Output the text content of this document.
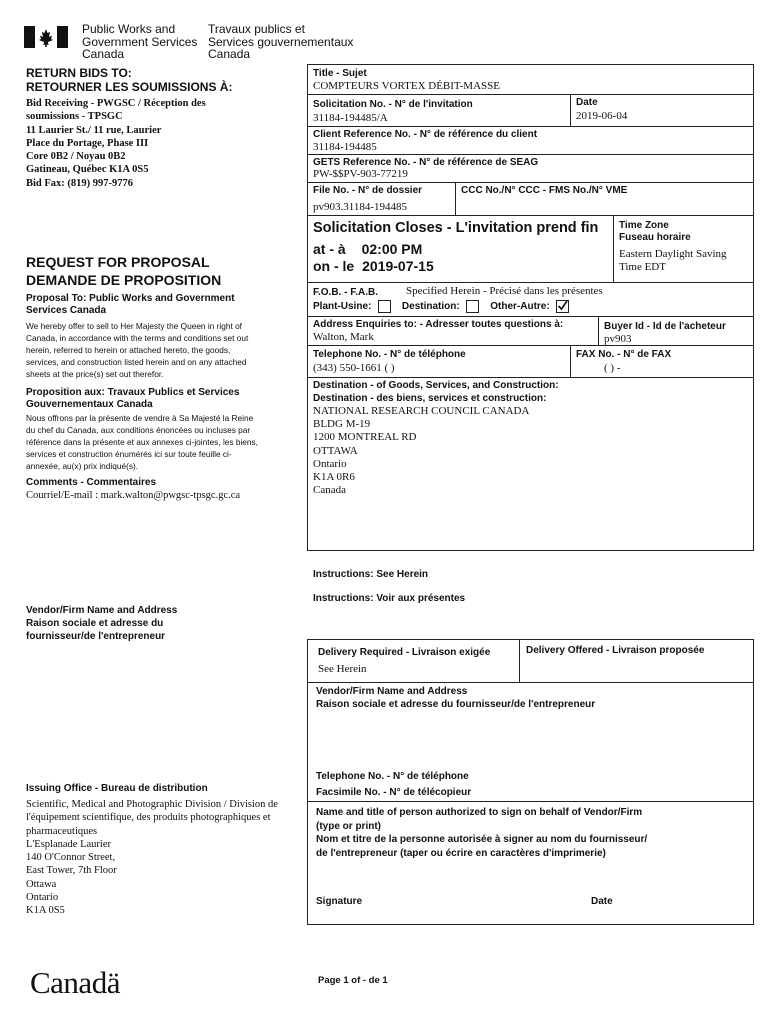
Public Works and
Government Services
Canada
Travaux publics et
Services gouvernementaux
Canada
RETURN BIDS TO:
RETOURNER LES SOUMISSIONS À:
Bid Receiving - PWGSC / Réception des
soumissions - TPSGC
11 Laurier St./ 11 rue, Laurier
Place du Portage, Phase III
Core 0B2 / Noyau 0B2
Gatineau, Québec K1A 0S5
Bid Fax: (819) 997-9776
REQUEST FOR PROPOSAL
DEMANDE DE PROPOSITION
Proposal To: Public Works and Government Services Canada
We hereby offer to sell to Her Majesty the Queen in right of Canada, in accordance with the terms and conditions set out herein, referred to herein or attached hereto, the goods, services, and construction listed herein and on any attached sheets at the price(s) set out therefor.
Proposition aux: Travaux Publics et Services Gouvernementaux Canada
Nous offrons par la présente de vendre à Sa Majesté la Reine du chef du Canada, aux conditions énoncées ou incluses par référence dans la présente et aux annexes ci-jointes, les biens, services et construction énumérés ici sur toute feuille ci-annexée, au(x) prix indiqué(s).
Comments - Commentaires
Courriel/E-mail : mark.walton@pwgsc-tpsgc.gc.ca
Vendor/Firm Name and Address
Raison sociale et adresse du
fournisseur/de l'entrepreneur
Issuing Office - Bureau de distribution
Scientific, Medical and Photographic Division / Division de l'équipement scientifique, des produits photographiques et pharmaceutiques
L'Esplanade Laurier
140 O'Connor Street,
East Tower, 7th Floor
Ottawa
Ontario
K1A 0S5
Canadä	Page 1 of - de 1
Title - Sujet
COMPTEURS VORTEX DÉBIT-MASSE
Solicitation No. - N° de l'invitation
31184-194485/A
Date
2019-06-04
Client Reference No. - N° de référence du client
31184-194485
GETS Reference No. - N° de référence de SEAG
PW-$$PV-903-77219
File No. - N° de dossier
pv903.31184-194485
CCC No./N° CCC - FMS No./N° VME
Solicitation Closes - L'invitation prend fin
at - à 02:00 PM
on - le 2019-07-15
Time Zone
Fuseau horaire
Eastern Daylight Saving Time EDT
F.O.B. - F.A.B.	Specified Herein - Précisé dans les présentes
Plant-Usine:	Destination:	Other-Autre:
Address Enquiries to: - Adresser toutes questions à:
Walton, Mark
Buyer Id - Id de l'acheteur
pv903
Telephone No. - N° de téléphone
(343) 550-1661 ( )
FAX No. - N° de FAX
( ) -
Destination - of Goods, Services, and Construction:
Destination - des biens, services et construction:
NATIONAL RESEARCH COUNCIL CANADA
BLDG M-19
1200 MONTREAL RD
OTTAWA
Ontario
K1A 0R6
Canada
Instructions: See Herein
Instructions: Voir aux présentes
Delivery Required - Livraison exigée
See Herein
Delivery Offered - Livraison proposée
Vendor/Firm Name and Address
Raison sociale et adresse du fournisseur/de l'entrepreneur
Telephone No. - N° de téléphone
Facsimile No. - N° de télécopieur
Name and title of person authorized to sign on behalf of Vendor/Firm
(type or print)
Nom et titre de la personne autorisée à signer au nom du fournisseur/
de l'entrepreneur (taper ou écrire en caractères d'imprimerie)
Signature	Date
